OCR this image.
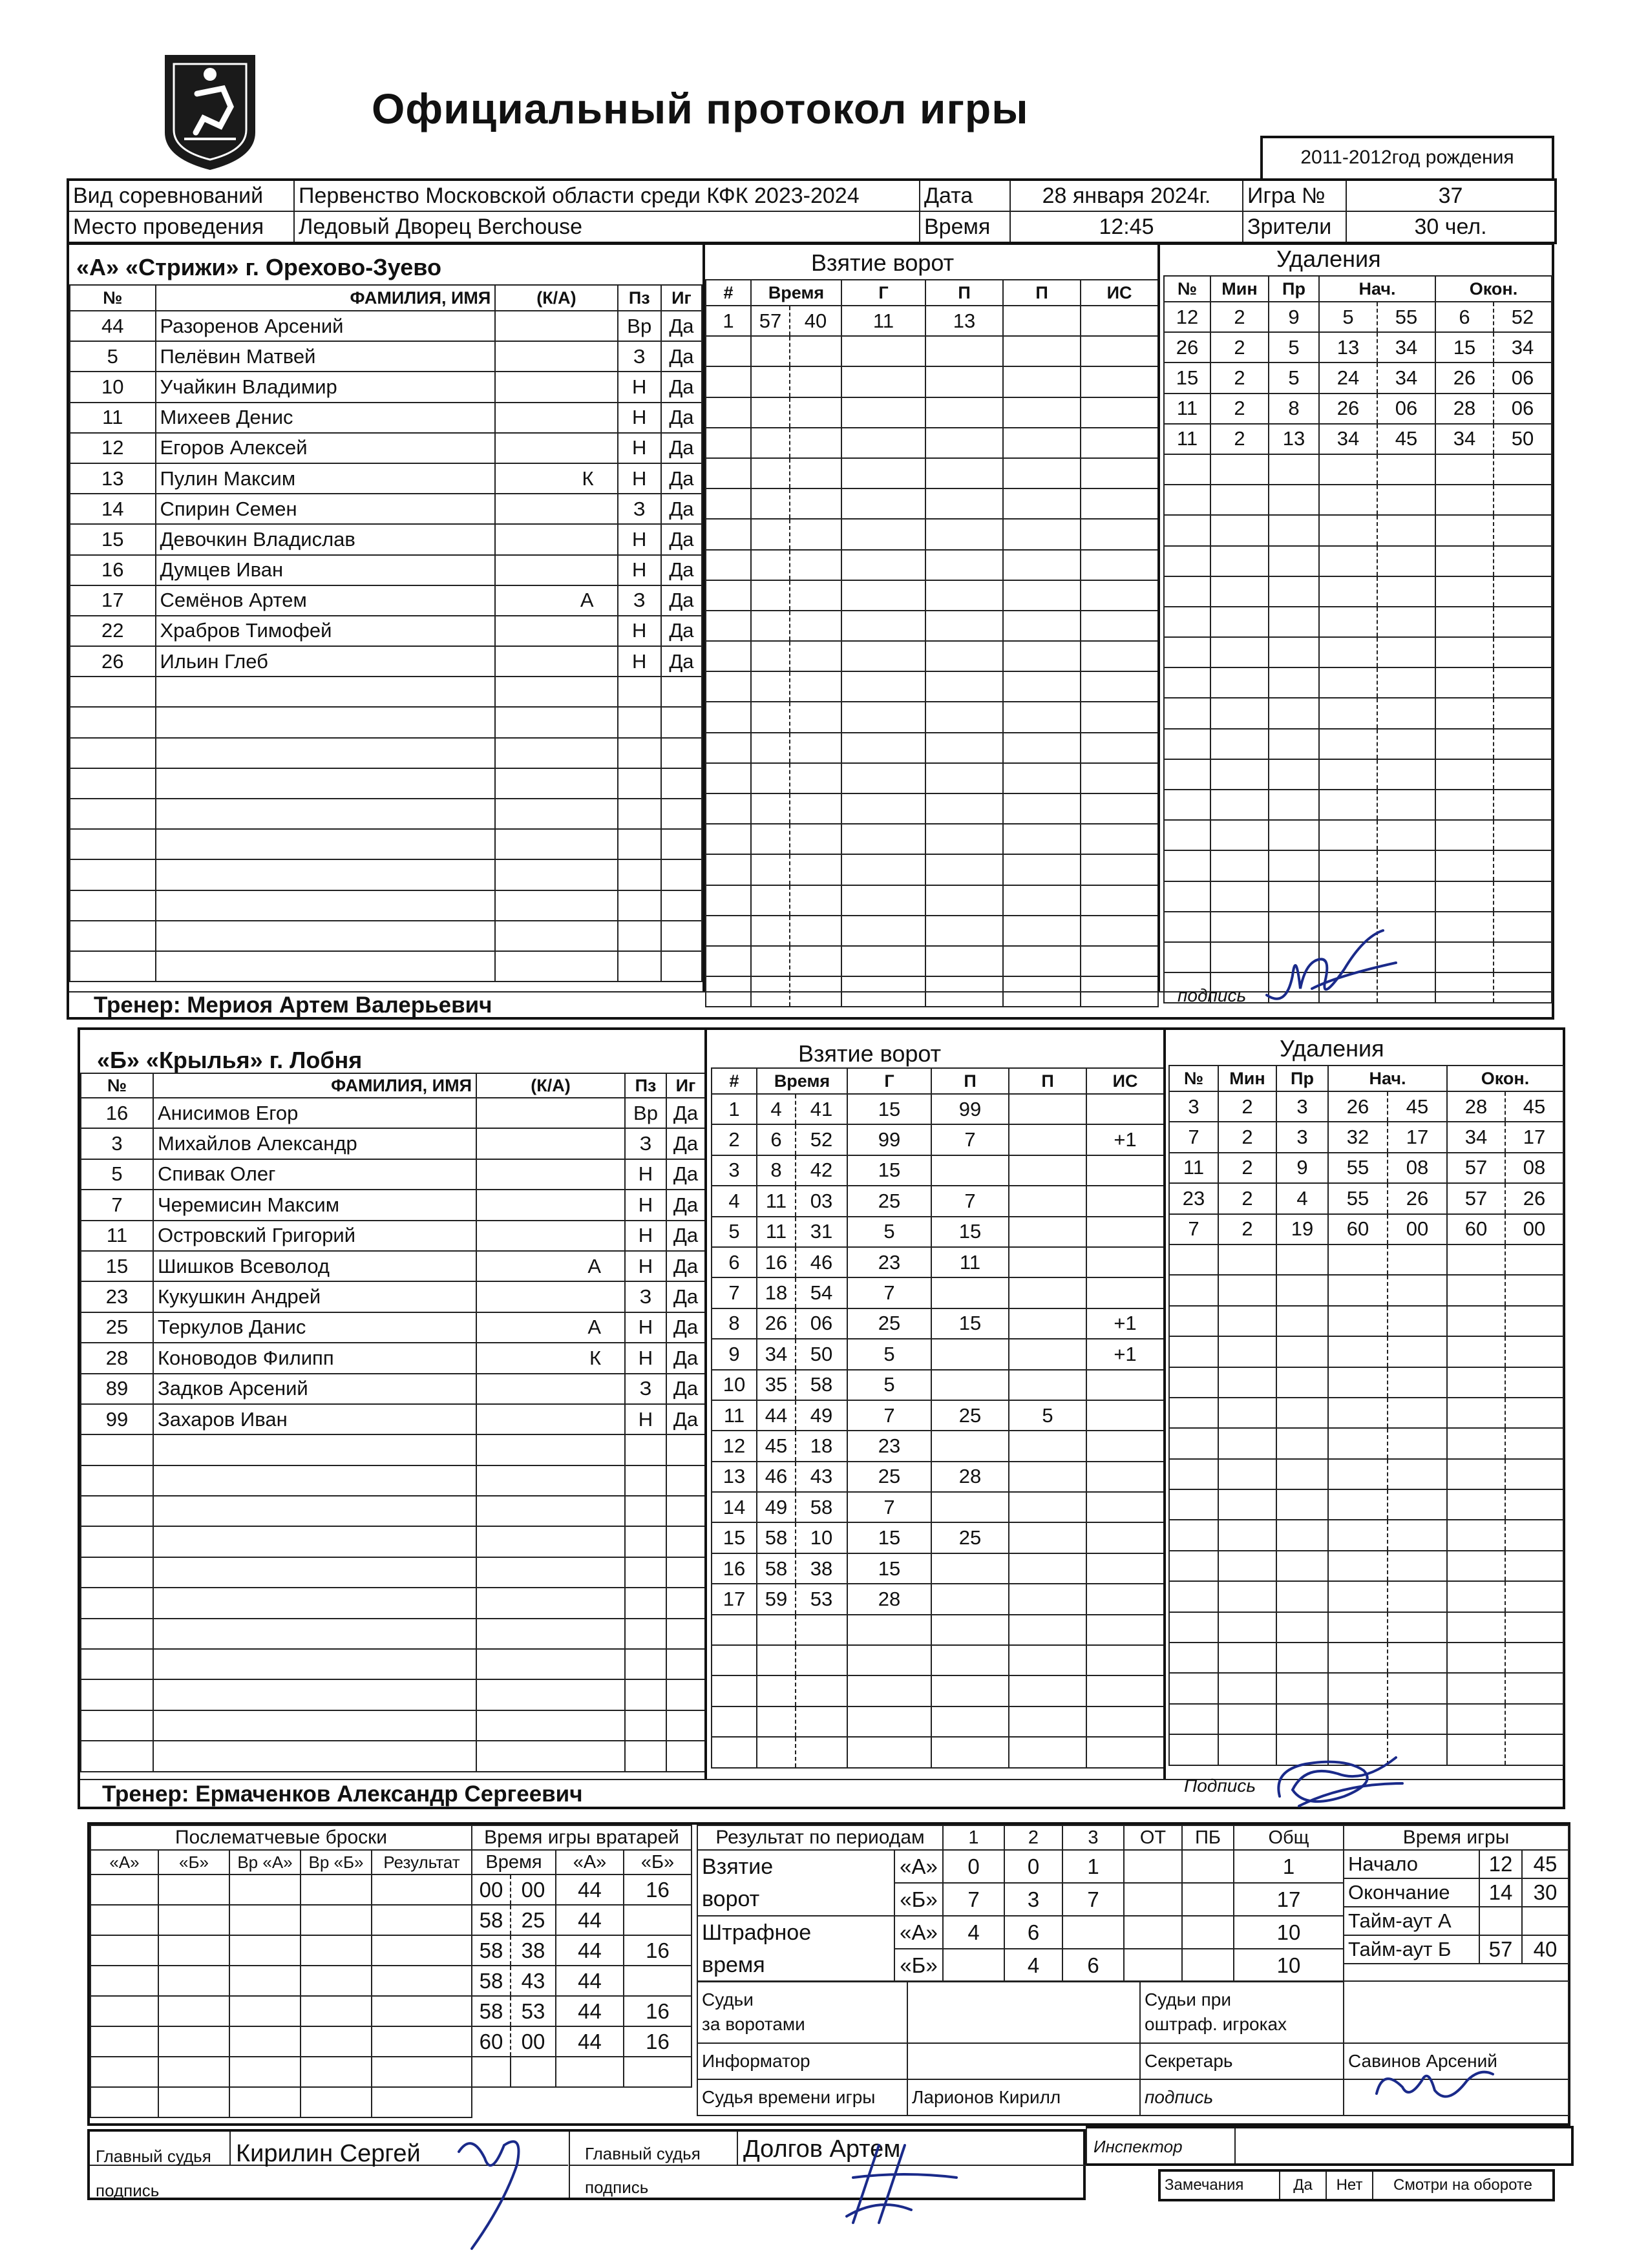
Официальный протокол игры
2011-2012год рождения
Вид соревнований	Первенство Московской области среди КФК 2023-2024	Дата	28 января 2024г.	Игра №	37
Место проведения	Ледовый Дворец Berchouse	Время	12:45	Зрители	30 чел.
«А» «Стрижи» г. Орехово-Зуево
№	ФАМИЛИЯ, ИМЯ	(К/А)	Пз	Иг
44	Разоренов Арсений		Вр	Да
5	Пелёвин Матвей		З	Да
10	Учайкин Владимир		Н	Да
11	Михеев Денис		Н	Да
12	Егоров Алексей		Н	Да
13	Пулин Максим	К	Н	Да
14	Спирин Семен		З	Да
15	Девочкин Владислав		Н	Да
16	Думцев Иван		Н	Да
17	Семёнов Артем	А	З	Да
22	Храбров Тимофей		Н	Да
26	Ильин Глеб		Н	Да

Взятие ворот
#	Время		Г	П	П	ИС
1	57	40	11	13		

Удаления
№	Мин	Пр	Нач.		Окон.	
12	2	9	5	55	6	52
26	2	5	13	34	15	34
15	2	5	24	34	26	06
11	2	8	26	06	28	06
11	2	13	34	45	34	50

Тренер: Мериоя Артем Валерьевич	подпись
«Б» «Крылья» г. Лобня
№	ФАМИЛИЯ, ИМЯ	(К/А)	Пз	Иг
16	Анисимов Егор		Вр	Да
3	Михайлов Александр		З	Да
5	Спивак Олег		Н	Да
7	Черемисин Максим		Н	Да
11	Островский Григорий		Н	Да
15	Шишков Всеволод	А	Н	Да
23	Кукушкин Андрей		З	Да
25	Теркулов Данис	А	Н	Да
28	Коноводов Филипп	К	Н	Да
89	Задков Арсений		З	Да
99	Захаров Иван		Н	Да

Взятие ворот
#	Время		Г	П	П	ИС
1	4	41	15	99		
2	6	52	99	7		+1
3	8	42	15			
4	11	03	25	7		
5	11	31	5	15		
6	16	46	23	11		
7	18	54	7			
8	26	06	25	15		+1
9	34	50	5			+1
10	35	58	5			
11	44	49	7	25	5	
12	45	18	23			
13	46	43	25	28		
14	49	58	7			
15	58	10	15	25		
16	58	38	15			
17	59	53	28			

Удаления
№	Мин	Пр	Нач.		Окон.	
3	2	3	26	45	28	45
7	2	3	32	17	34	17
11	2	9	55	08	57	08
23	2	4	55	26	57	26
7	2	19	60	00	60	00

Тренер: Ермаченков Александр Сергеевич	Подпись
Послематчевые броски				
«А»	«Б»	Вр «А»	Вр «Б»	Результат

Время игры вратарей			
Время		«А»	«Б»
00	00	44	16
58	25	44	
58	38	44	16
58	43	44	
58	53	44	16
60	00	44	16

Результат по периодам		1	2	3	ОТ	ПБ	Общ
Взятие
ворот	«А»	0	0	1			1
	«Б»	7	3	7			17
Штрафное
время	«А»	4	6				10
	«Б»		4	6			10
Время игры		
Начало	12	45
Окончание	14	30
Тайм-аут А		
Тайм-аут Б	57	40
Судьи
за воротами		Судьи при
оштраф. игроках	
Информатор		Секретарь	Савинов Арсений
Судья времени игры	Ларионов Кирилл	подпись	
Главный судья Кирилин Сергей
подпись
Главный судья Долгов Артем
подпись
Инспектор
Замечания	Да	Нет	Смотри на обороте
